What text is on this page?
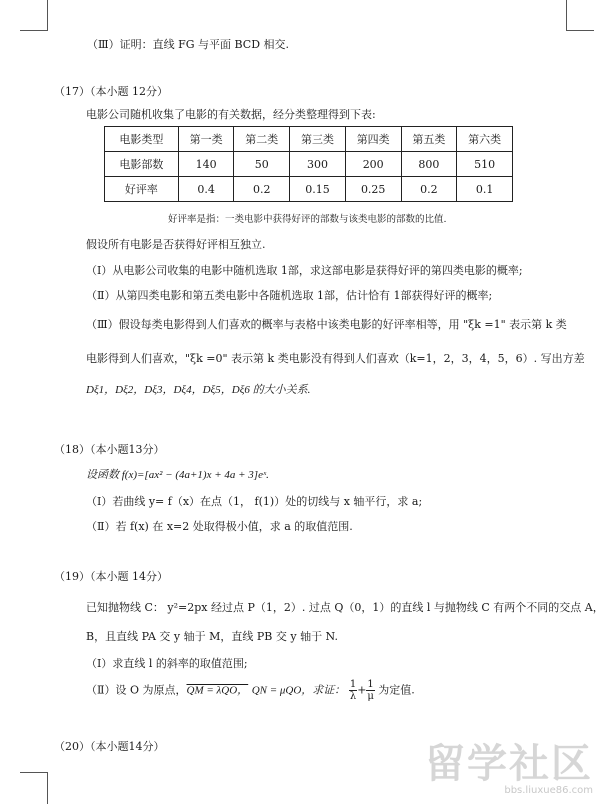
（Ⅲ）证明：直线 FG 与平面 BCD 相交.
（17）（本小题 12分）
电影公司随机收集了电影的有关数据，经分类整理得到下表:
电影类型	第一类	第二类	第三类	第四类	第五类	第六类
电影部数	140	50	300	200	800	510
好评率	0.4	0.2	0.15	0.25	0.2	0.1
好评率是指：一类电影中获得好评的部数与该类电影的部数的比值.
假设所有电影是否获得好评相互独立.
（Ⅰ）从电影公司收集的电影中随机选取 1部，求这部电影是获得好评的第四类电影的概率;
（Ⅱ）从第四类电影和第五类电影中各随机选取 1部，估计恰有 1部获得好评的概率;
（Ⅲ）假设每类电影得到人们喜欢的概率与表格中该类电影的好评率相等，用 "ξk =1" 表示第 k 类
电影得到人们喜欢，"ξk =0" 表示第 k 类电影没有得到人们喜欢（k=1，2，3，4，5，6）. 写出方差
Dξ1，Dξ2，Dξ3，Dξ4，Dξ5，Dξ6 的大小关系.
（18）（本小题13分）
设函数 f(x)=[ax² − (4a+1)x + 4a + 3]eˣ.
（Ⅰ）若曲线 y= f（x）在点（1， f(1)）处的切线与 x 轴平行，求 a;
（Ⅱ）若 f(x) 在 x=2 处取得极小值，求 a 的取值范围.
（19）（本小题 14分）
已知抛物线 C： y²=2px 经过点 P（1，2）. 过点 Q（0，1）的直线 l 与抛物线 C 有两个不同的交点 A，
B，且直线 PA 交 y 轴于 M，直线 PB 交 y 轴于 N.
（Ⅰ）求直线 l 的斜率的取值范围;
（Ⅱ）设 O 为原点，QM = λQO， QN = μQO，求证： $\frac{1}{\lambda} + \frac{1}{\mu}$ 为定值.
（20）（本小题14分）	留学社区
bbs.liuxue86.com
